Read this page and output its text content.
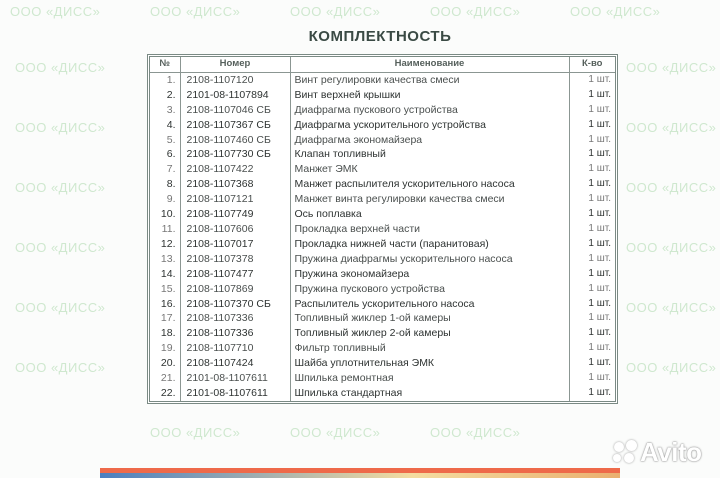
ООО «ДИСС»	ООО «ДИСС»	ООО «ДИСС»	ООО «ДИСС»	ООО «ДИСС»
ООО «ДИСС»	ООО «ДИСС»
ООО «ДИСС»	ООО «ДИСС»
ООО «ДИСС»	ООО «ДИСС»
ООО «ДИСС»	ООО «ДИСС»
ООО «ДИСС»	ООО «ДИСС»
ООО «ДИСС»	ООО «ДИСС»
ООО «ДИСС»	ООО «ДИСС»	ООО «ДИСС»
КОМПЛЕКТНОСТЬ
№	Номер	Наименование	К-во
1.	2108-1107120	Винт регулировки качества смеси	1 шт.
2.	2101-08-1107894	Винт верхней крышки	1 шт.
3.	2108-1107046 СБ	Диафрагма пускового устройства	1 шт.
4.	2108-1107367 СБ	Диафрагма ускорительного устройства	1 шт.
5.	2108-1107460 СБ	Диафрагма экономайзера	1 шт.
6.	2108-1107730 СБ	Клапан топливный	1 шт.
7.	2108-1107422	Манжет ЭМК	1 шт.
8.	2108-1107368	Манжет распылителя ускорительного насоса	1 шт.
9.	2108-1107121	Манжет винта регулировки качества смеси	1 шт.
10.	2108-1107749	Ось поплавка	1 шт.
11.	2108-1107606	Прокладка верхней части	1 шт.
12.	2108-1107017	Прокладка нижней части (паранитовая)	1 шт.
13.	2108-1107378	Пружина диафрагмы ускорительного насоса	1 шт.
14.	2108-1107477	Пружина экономайзера	1 шт.
15.	2108-1107869	Пружина пускового устройства	1 шт.
16.	2108-1107370 СБ	Распылитель ускорительного насоса	1 шт.
17.	2108-1107336	Топливный жиклер 1-ой камеры	1 шт.
18.	2108-1107336	Топливный жиклер 2-ой камеры	1 шт.
19.	2108-1107710	Фильтр топливный	1 шт.
20.	2108-1107424	Шайба уплотнительная ЭМК	1 шт.
21.	2101-08-1107611	Шпилька ремонтная	1 шт.
22.	2101-08-1107611	Шпилька стандартная	1 шт.
Avito
